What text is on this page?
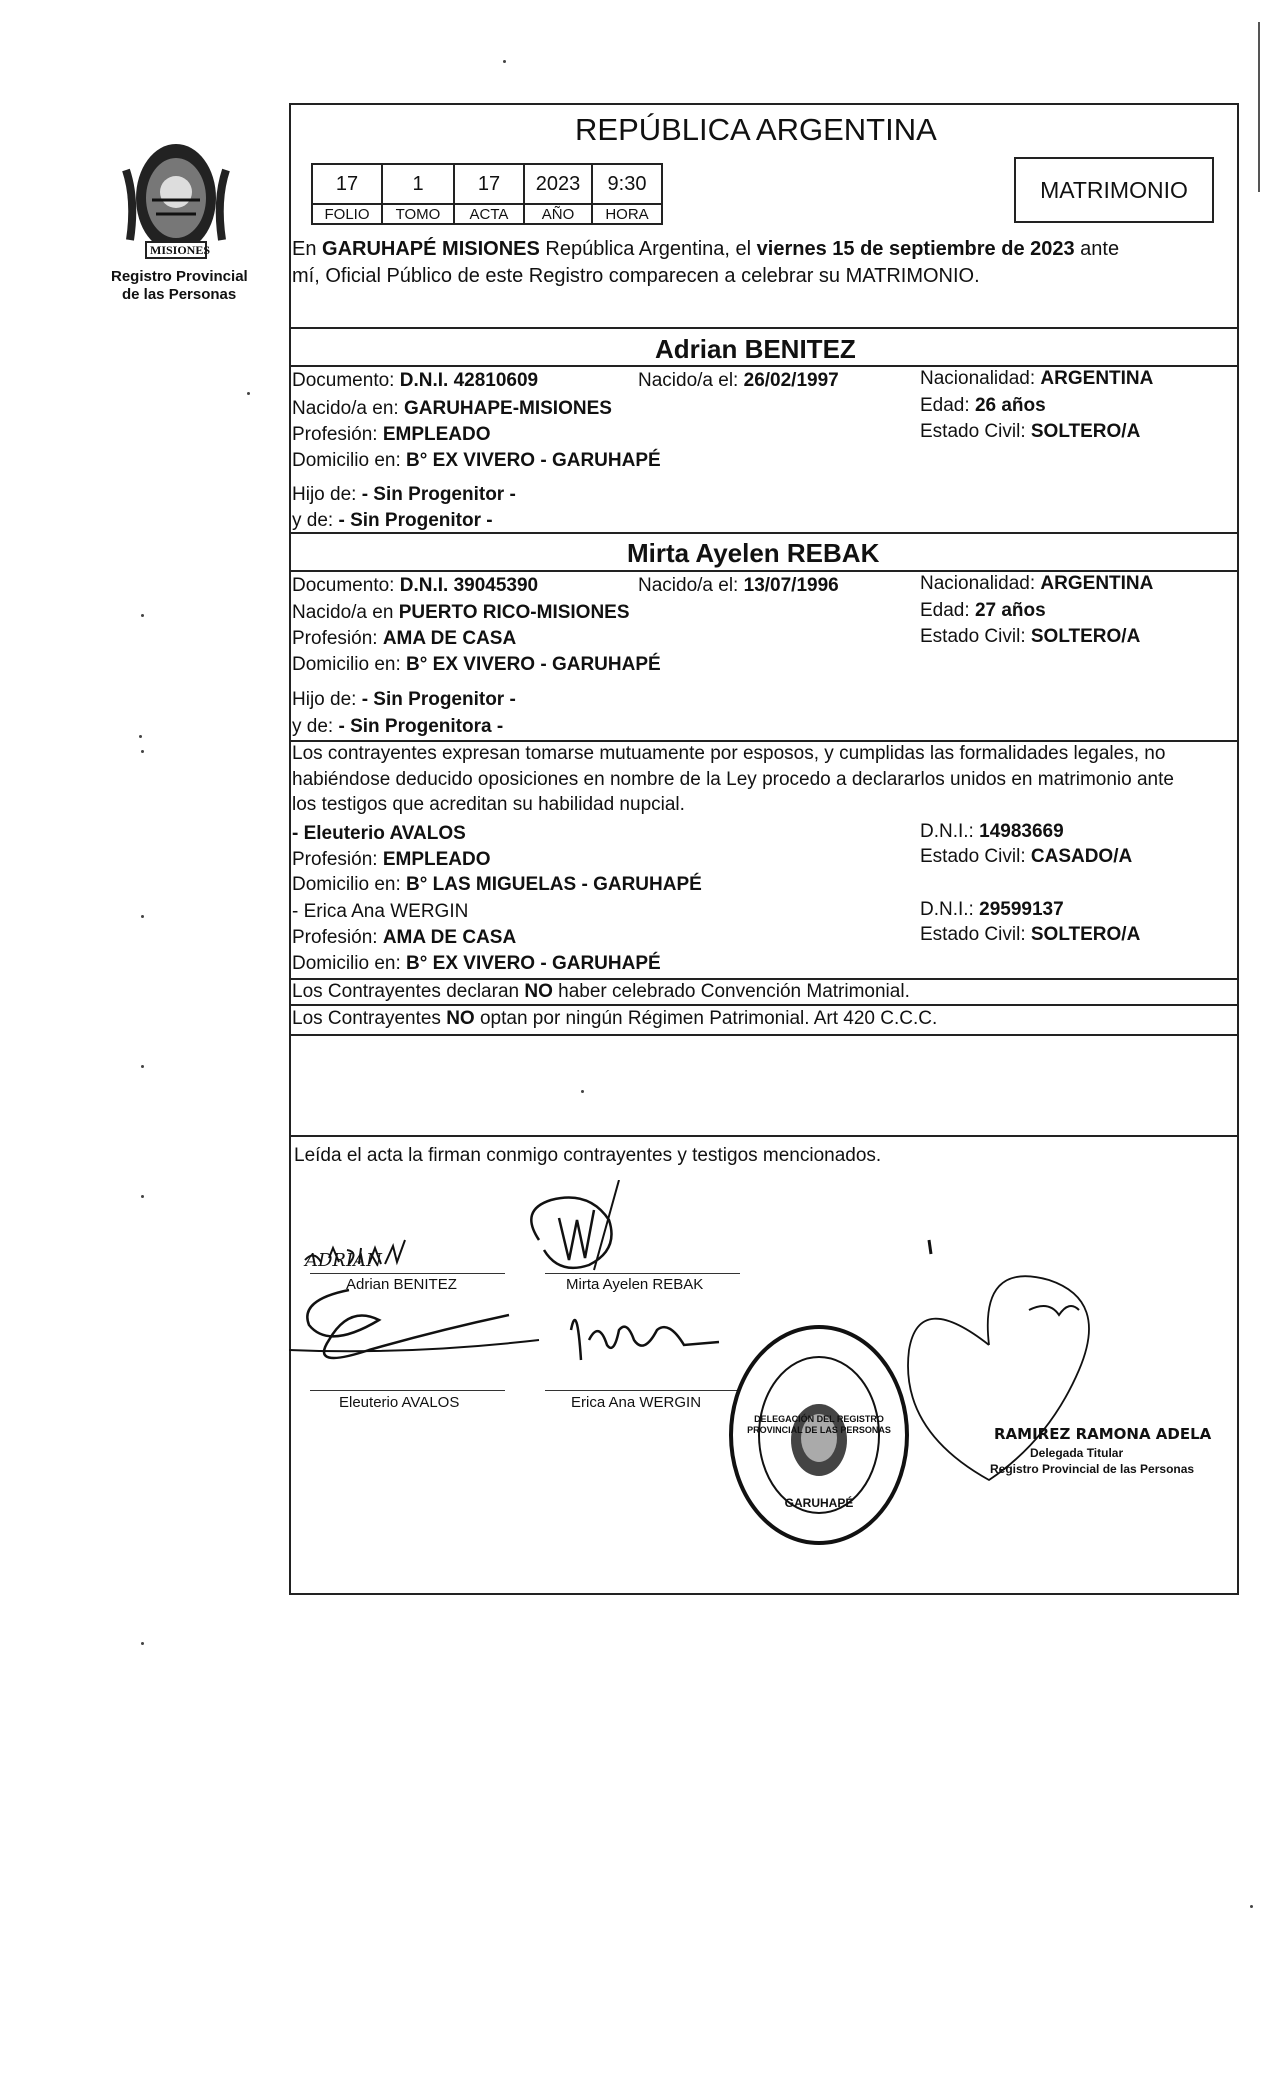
PROVINCIA
MISIONES
Registro Provincial
de las Personas
REPÚBLICA ARGENTINA
17	1	17	2023	9:30
FOLIO	TOMO	ACTA	AÑO	HORA
MATRIMONIO
En GARUHAPÉ MISIONES República Argentina, el viernes 15 de septiembre de 2023 ante
mí, Oficial Público de este Registro comparecen a celebrar su MATRIMONIO.
Adrian BENITEZ
Documento: D.N.I. 42810609	Nacido/a el: 26/02/1997	Nacionalidad: ARGENTINA
Nacido/a en: GARUHAPE-MISIONES	Edad: 26 años
Profesión: EMPLEADO	Estado Civil: SOLTERO/A
Domicilio en: B° EX VIVERO - GARUHAPÉ
Hijo de: - Sin Progenitor -
y de: - Sin Progenitor -
Mirta Ayelen REBAK
Documento: D.N.I. 39045390	Nacido/a el: 13/07/1996	Nacionalidad: ARGENTINA
Nacido/a en PUERTO RICO-MISIONES	Edad: 27 años
Profesión: AMA DE CASA	Estado Civil: SOLTERO/A
Domicilio en: B° EX VIVERO - GARUHAPÉ
Hijo de: - Sin Progenitor -
y de: - Sin Progenitora -
Los contrayentes expresan tomarse mutuamente por esposos, y cumplidas las formalidades legales, no
habiéndose deducido oposiciones en nombre de la Ley procedo a declararlos unidos en matrimonio ante
los testigos que acreditan su habilidad nupcial.
- Eleuterio AVALOS	D.N.I.: 14983669
Profesión: EMPLEADO	Estado Civil: CASADO/A
Domicilio en: B° LAS MIGUELAS - GARUHAPÉ
- Erica Ana WERGIN	D.N.I.: 29599137
Profesión: AMA DE CASA	Estado Civil: SOLTERO/A
Domicilio en: B° EX VIVERO - GARUHAPÉ
Los Contrayentes declaran NO haber celebrado Convención Matrimonial.
Los Contrayentes NO optan por ningún Régimen Patrimonial. Art 420 C.C.C.
Leída el acta la firman conmigo contrayentes y testigos mencionados.
ADRIAN
Adrian BENITEZ	Mirta Ayelen REBAK
Eleuterio AVALOS	Erica Ana WERGIN
DELEGACIÓN DEL REGISTRO PROVINCIAL DE LAS PERSONAS
GARUHAPÉ
RAMIREZ RAMONA ADELA
Delegada Titular
Registro Provincial de las Personas
